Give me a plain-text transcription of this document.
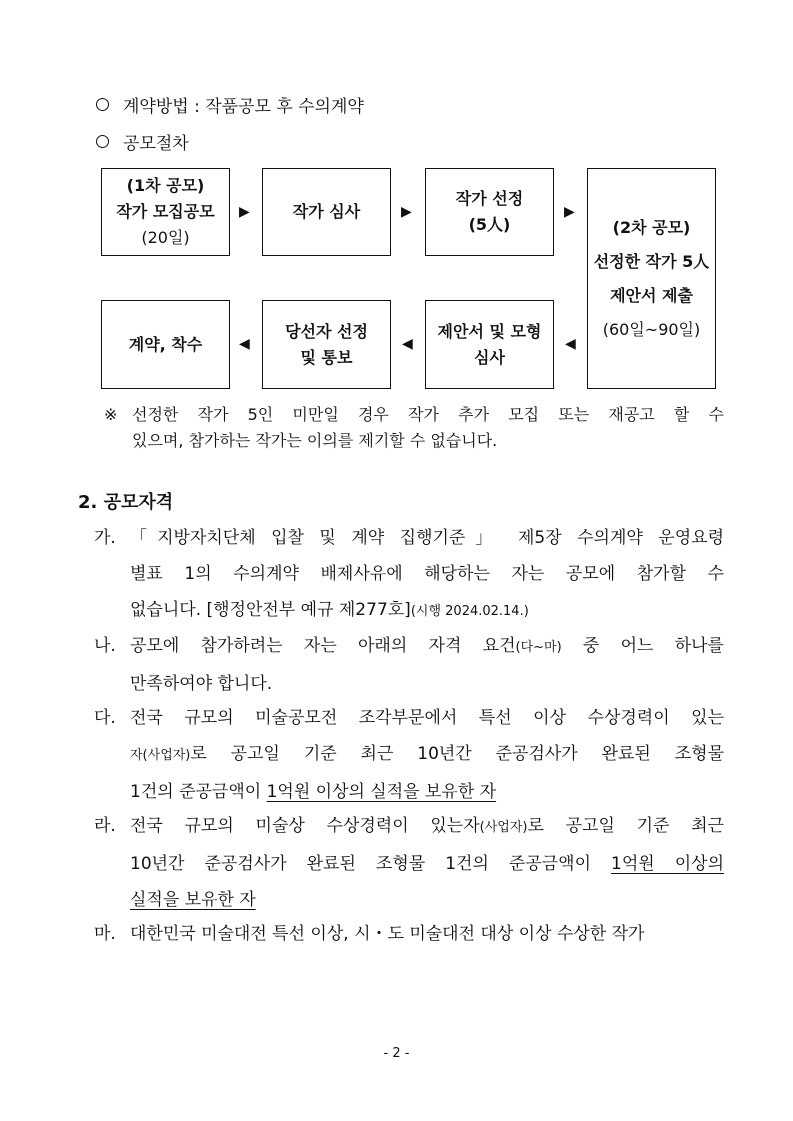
계약방법 : 작품공모 후 수의계약
공모절차
(1차 공모)
작가 모집공모
(20일)
▶	작가 심사	▶
작가 선정
(5人)
▶
(2차 공모)
선정한 작가 5人
제안서 제출
(60일~90일)
◀
제안서 및 모형
심사
◀
당선자 선정
및 통보
◀
계약, 착수
※ 선정한 작가 5인 미만일 경우 작가 추가 모집 또는 재공고 할 수
있으며, 참가하는 작가는 이의를 제기할 수 없습니다.
2. 공모자격
가. 「지방자치단체 입찰 및 계약 집행기준」 제5장 수의계약 운영요령
별표 1의 수의계약 배제사유에 해당하는 자는 공모에 참가할 수
없습니다. [행정안전부 예규 제277호](시행 2024.02.14.)
나. 공모에 참가하려는 자는 아래의 자격 요건(다~마) 중 어느 하나를
만족하여야 합니다.
다. 전국 규모의 미술공모전 조각부문에서 특선 이상 수상경력이 있는
자(사업자)로 공고일 기준 최근 10년간 준공검사가 완료된 조형물
1건의 준공금액이 1억원 이상의 실적을 보유한 자
라. 전국 규모의 미술상 수상경력이 있는자(사업자)로 공고일 기준 최근
10년간 준공검사가 완료된 조형물 1건의 준공금액이 1억원 이상의
실적을 보유한 자
마. 대한민국 미술대전 특선 이상, 시・도 미술대전 대상 이상 수상한 작가
- 2 -
